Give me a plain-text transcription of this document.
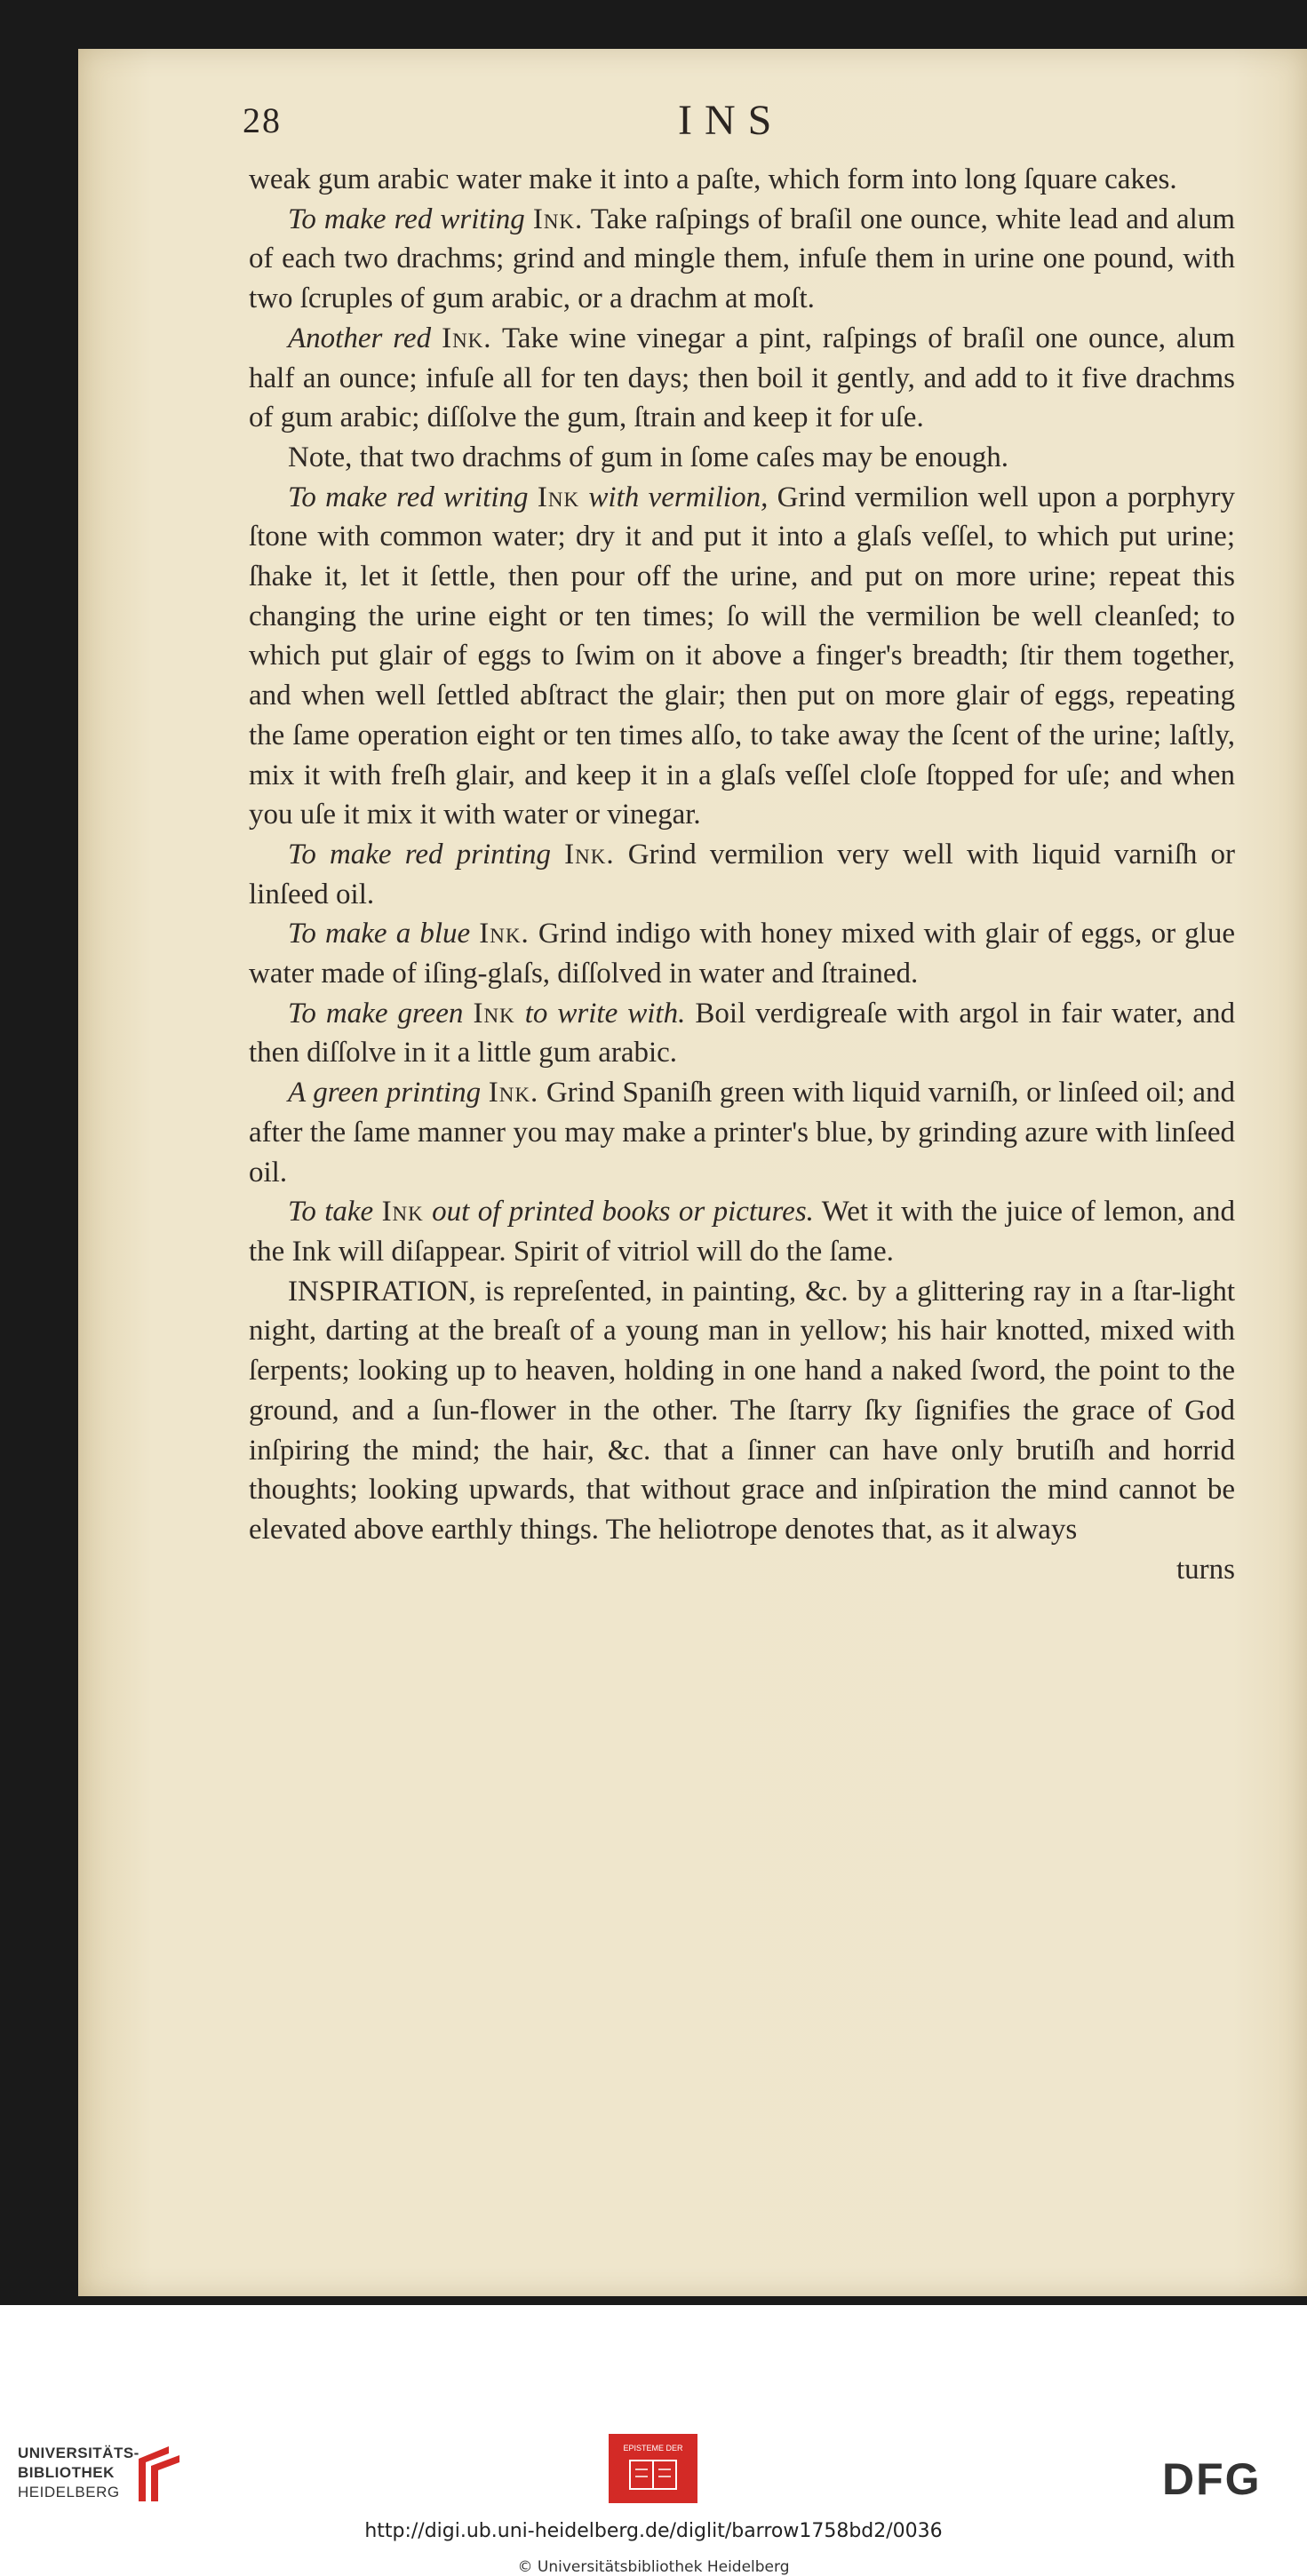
28	INS

weak gum arabic water make it into a paſte, which form into long ſquare cakes.

To make red writing Ink. Take raſpings of braſil one ounce, white lead and alum of each two drachms; grind and mingle them, infuſe them in urine one pound, with two ſcruples of gum arabic, or a drachm at moſt.

Another red Ink. Take wine vinegar a pint, raſpings of braſil one ounce, alum half an ounce; infuſe all for ten days; then boil it gently, and add to it five drachms of gum arabic; diſſolve the gum, ſtrain and keep it for uſe.

Note, that two drachms of gum in ſome caſes may be enough.

To make red writing Ink with vermilion, Grind vermilion well upon a porphyry ſtone with common water; dry it and put it into a glaſs veſſel, to which put urine; ſhake it, let it ſettle, then pour off the urine, and put on more urine; repeat this changing the urine eight or ten times; ſo will the vermilion be well cleanſed; to which put glair of eggs to ſwim on it above a finger's breadth; ſtir them together, and when well ſettled abſtract the glair; then put on more glair of eggs, repeating the ſame operation eight or ten times alſo, to take away the ſcent of the urine; laſtly, mix it with freſh glair, and keep it in a glaſs veſſel cloſe ſtopped for uſe; and when you uſe it mix it with water or vinegar.

To make red printing Ink. Grind vermilion very well with liquid varniſh or linſeed oil.

To make a blue Ink. Grind indigo with honey mixed with glair of eggs, or glue water made of iſing-glaſs, diſſolved in water and ſtrained.

To make green Ink to write with. Boil verdigreaſe with argol in fair water, and then diſſolve in it a little gum arabic.

A green printing Ink. Grind Spaniſh green with liquid varniſh, or linſeed oil; and after the ſame manner you may make a printer's blue, by grinding azure with linſeed oil.

To take Ink out of printed books or pictures. Wet it with the juice of lemon, and the Ink will diſappear. Spirit of vitriol will do the ſame.

INSPIRATION, is repreſented, in painting, &c. by a glittering ray in a ſtar-light night, darting at the breaſt of a young man in yellow; his hair knotted, mixed with ſerpents; looking up to heaven, holding in one hand a naked ſword, the point to the ground, and a ſun-flower in the other. The ſtarry ſky ſignifies the grace of God inſpiring the mind; the hair, &c. that a ſinner can have only brutiſh and horrid thoughts; looking upwards, that without grace and inſpiration the mind cannot be elevated above earthly things. The heliotrope denotes that, as it always

turns
UNIVERSITÄTS-
BIBLIOTHEK
HEIDELBERG
EPISTEME DER
DFG
http://digi.ub.uni-heidelberg.de/diglit/barrow1758bd2/0036
© Universitätsbibliothek Heidelberg
